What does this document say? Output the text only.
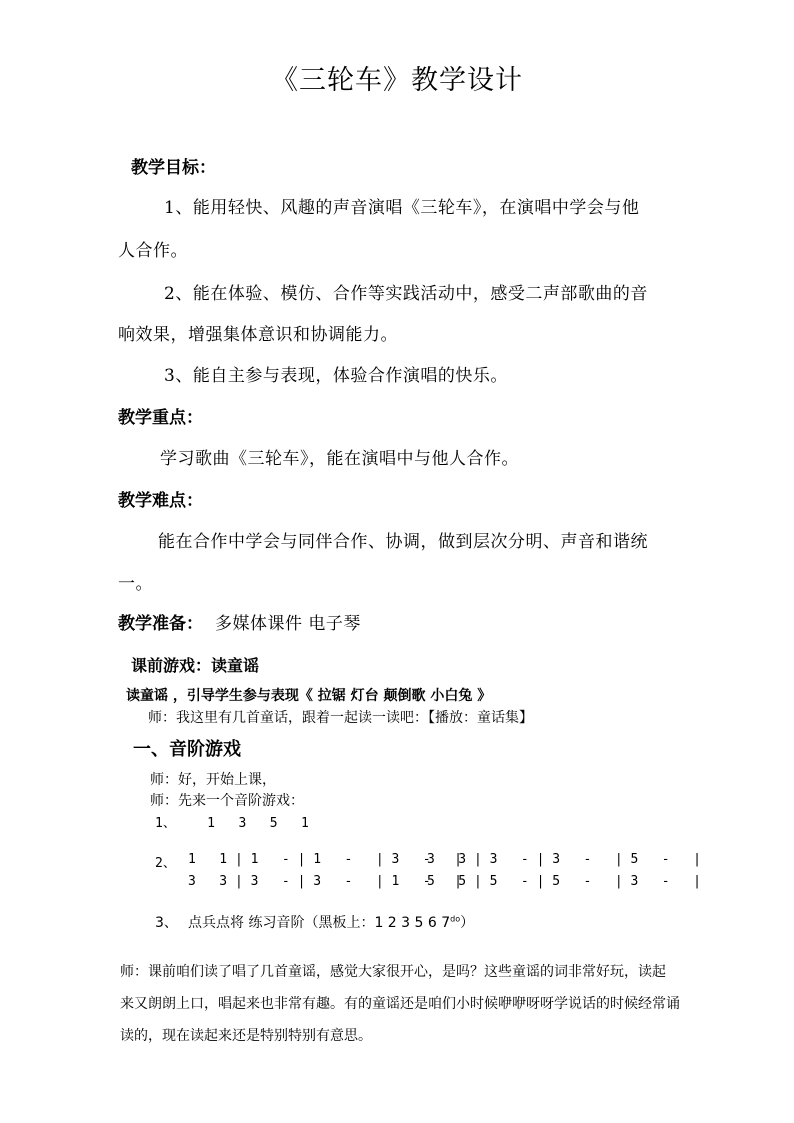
《三轮车》教学设计
教学目标：
1、能用轻快、风趣的声音演唱《三轮车》，在演唱中学会与他
人合作。
2、能在体验、模仿、合作等实践活动中，感受二声部歌曲的音
响效果，增强集体意识和协调能力。
3、能自主参与表现，体验合作演唱的快乐。
教学重点：
学习歌曲《三轮车》，能在演唱中与他人合作。
教学难点：
能在合作中学会与同伴合作、协调，做到层次分明、声音和谐统
一。
教学准备： 多媒体课件 电子琴
课前游戏：读童谣
读童谣 ，引导学生参与表现《 拉锯 灯台 颠倒歌 小白兔 》
师：我这里有几首童话，跟着一起读一读吧：【播放：童话集】
一、音阶游戏
师：好，开始上课，
师：先来一个音阶游戏：
1、    1   3   5   1
2、 1   1 | 1   - | 1   -   | 3   -   |
3   3 | 3   - | 3   -   | 1   -   |
3   3 | 3   - | 3   -   | 5   -   |
5   5 | 5   - | 5   -   | 3   -   |
3、 点兵点将 练习音阶（黑板上：1 2 3 5 6 $7^{do}$）
师：课前咱们读了唱了几首童谣，感觉大家很开心，是吗？这些童谣的词非常好玩，读起
来又朗朗上口，唱起来也非常有趣。有的童谣还是咱们小时候咿咿呀呀学说话的时候经常诵
读的，现在读起来还是特别特别有意思。
